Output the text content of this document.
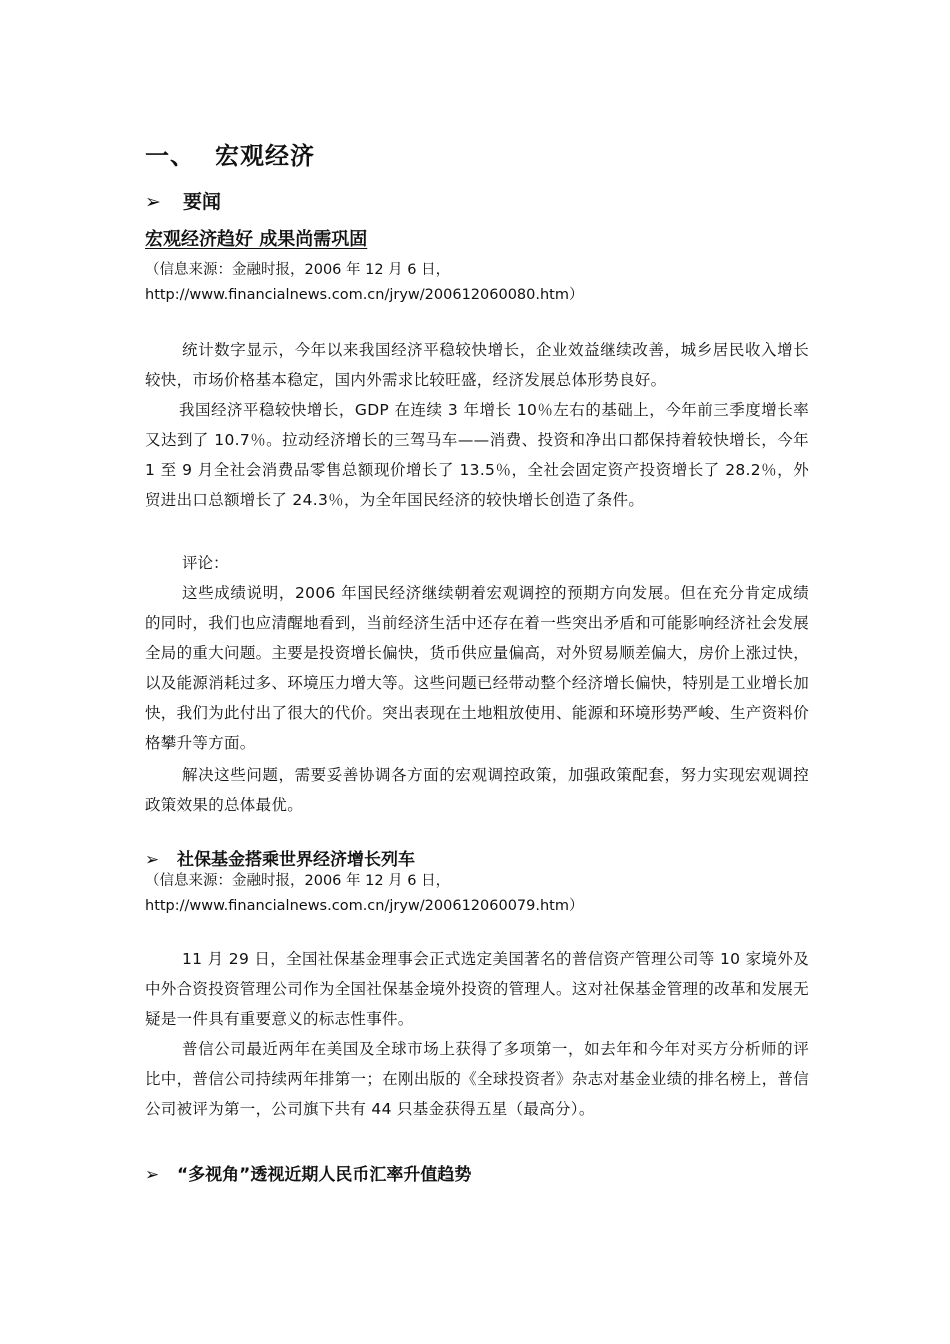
一、 宏观经济
➢ 要闻
宏观经济趋好 成果尚需巩固
（信息来源：金融时报，2006 年 12 月 6 日，
http://www.financialnews.com.cn/jryw/200612060080.htm）

统计数字显示，今年以来我国经济平稳较快增长，企业效益继续改善，城乡居民收入增长较快，市场价格基本稳定，国内外需求比较旺盛，经济发展总体形势良好。

我国经济平稳较快增长，GDP 在连续 3 年增长 10％左右的基础上，今年前三季度增长率又达到了 10.7％。拉动经济增长的三驾马车——消费、投资和净出口都保持着较快增长，今年 1 至 9 月全社会消费品零售总额现价增长了 13.5％，全社会固定资产投资增长了 28.2％，外贸进出口总额增长了 24.3％，为全年国民经济的较快增长创造了条件。

评论：

这些成绩说明，2006 年国民经济继续朝着宏观调控的预期方向发展。但在充分肯定成绩的同时，我们也应清醒地看到，当前经济生活中还存在着一些突出矛盾和可能影响经济社会发展全局的重大问题。主要是投资增长偏快，货币供应量偏高，对外贸易顺差偏大，房价上涨过快，以及能源消耗过多、环境压力增大等。这些问题已经带动整个经济增长偏快，特别是工业增长加快，我们为此付出了很大的代价。突出表现在土地粗放使用、能源和环境形势严峻、生产资料价格攀升等方面。

解决这些问题，需要妥善协调各方面的宏观调控政策，加强政策配套，努力实现宏观调控政策效果的总体最优。

➢ 社保基金搭乘世界经济增长列车
（信息来源：金融时报，2006 年 12 月 6 日，
http://www.financialnews.com.cn/jryw/200612060079.htm）

11 月 29 日，全国社保基金理事会正式选定美国著名的普信资产管理公司等 10 家境外及中外合资投资管理公司作为全国社保基金境外投资的管理人。这对社保基金管理的改革和发展无疑是一件具有重要意义的标志性事件。

普信公司最近两年在美国及全球市场上获得了多项第一，如去年和今年对买方分析师的评比中，普信公司持续两年排第一；在刚出版的《全球投资者》杂志对基金业绩的排名榜上，普信公司被评为第一，公司旗下共有 44 只基金获得五星（最高分）。

➢ “多视角”透视近期人民币汇率升值趋势
